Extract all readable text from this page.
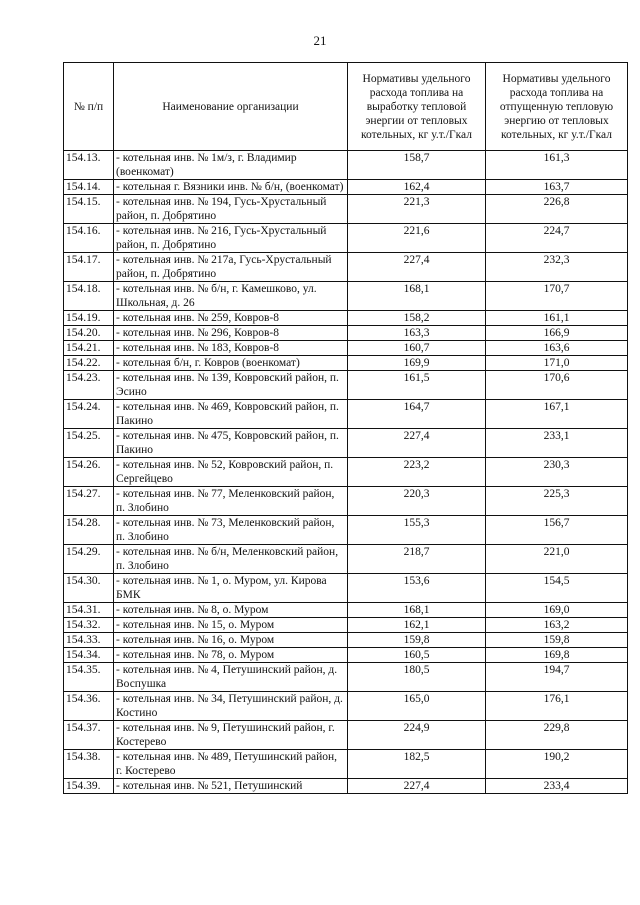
21
№ п/п	Наименование организации	Нормативы удельного расхода топлива на выработку тепловой энергии от тепловых котельных, кг у.т./Гкал	Нормативы удельного расхода топлива на отпущенную тепловую энергию от тепловых котельных, кг у.т./Гкал
154.13.	- котельная инв. № 1м/з, г. Владимир (военкомат)	158,7	161,3
154.14.	- котельная г. Вязники инв. № б/н, (военкомат)	162,4	163,7
154.15.	- котельная инв. № 194, Гусь-Хрустальный район, п. Добрятино	221,3	226,8
154.16.	- котельная инв. № 216, Гусь-Хрустальный район, п. Добрятино	221,6	224,7
154.17.	- котельная инв. № 217а, Гусь-Хрустальный район, п. Добрятино	227,4	232,3
154.18.	- котельная инв. № б/н, г. Камешково, ул. Школьная, д. 26	168,1	170,7
154.19.	- котельная инв. № 259, Ковров-8	158,2	161,1
154.20.	- котельная инв. № 296, Ковров-8	163,3	166,9
154.21.	- котельная инв. № 183, Ковров-8	160,7	163,6
154.22.	- котельная б/н, г. Ковров (военкомат)	169,9	171,0
154.23.	- котельная инв. № 139, Ковровский район, п. Эсино	161,5	170,6
154.24.	- котельная инв. № 469, Ковровский район, п. Пакино	164,7	167,1
154.25.	- котельная инв. № 475, Ковровский район, п. Пакино	227,4	233,1
154.26.	- котельная инв. № 52, Ковровский район, п. Сергейцево	223,2	230,3
154.27.	- котельная инв. № 77, Меленковский район, п. Злобино	220,3	225,3
154.28.	- котельная инв. № 73, Меленковский район, п. Злобино	155,3	156,7
154.29.	- котельная инв. № б/н, Меленковский район, п. Злобино	218,7	221,0
154.30.	- котельная инв. № 1, о. Муром, ул. Кирова БМК	153,6	154,5
154.31.	- котельная инв. № 8, о. Муром	168,1	169,0
154.32.	- котельная инв. № 15, о. Муром	162,1	163,2
154.33.	- котельная инв. № 16, о. Муром	159,8	159,8
154.34.	- котельная инв. № 78, о. Муром	160,5	169,8
154.35.	- котельная инв. № 4, Петушинский район, д. Воспушка	180,5	194,7
154.36.	- котельная инв. № 34, Петушинский район, д. Костино	165,0	176,1
154.37.	- котельная инв. № 9, Петушинский район, г. Костерево	224,9	229,8
154.38.	- котельная инв. № 489, Петушинский район, г. Костерево	182,5	190,2
154.39.	- котельная инв. № 521, Петушинский	227,4	233,4
